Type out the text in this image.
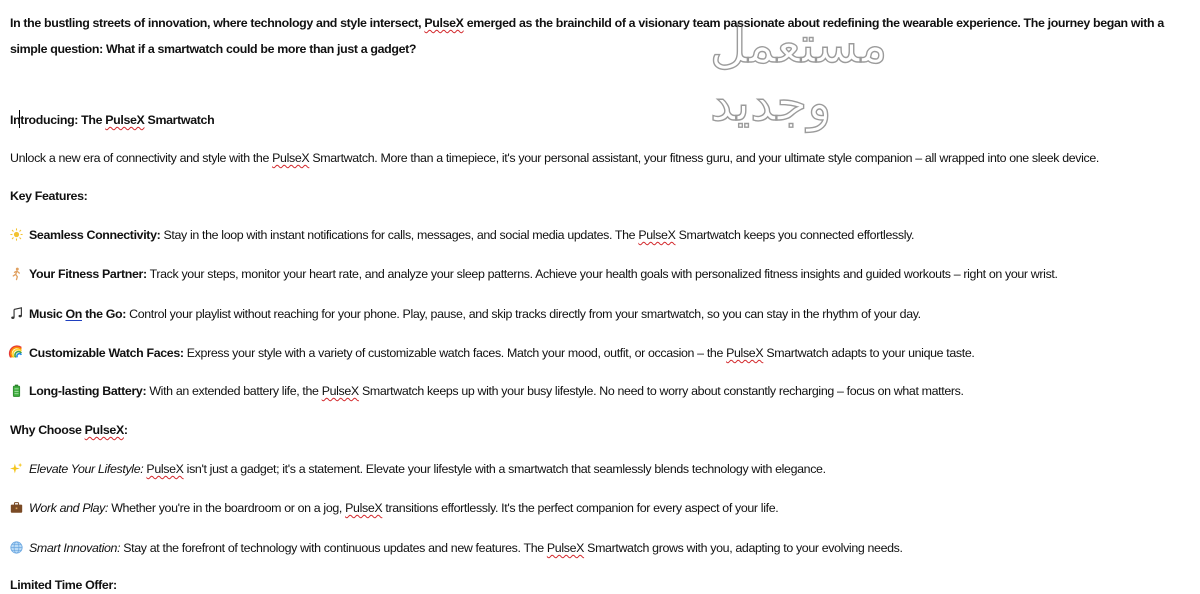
In the bustling streets of innovation, where technology and style intersect, PulseX emerged as the brainchild of a visionary team passionate about redefining the wearable experience. The journey began with a simple question: What if a smartwatch could be more than just a gadget?
Introducing: The PulseX Smartwatch
Unlock a new era of connectivity and style with the PulseX Smartwatch. More than a timepiece, it's your personal assistant, your fitness guru, and your ultimate style companion – all wrapped into one sleek device.
Key Features:
Seamless Connectivity: Stay in the loop with instant notifications for calls, messages, and social media updates. The PulseX Smartwatch keeps you connected effortlessly.
Your Fitness Partner: Track your steps, monitor your heart rate, and analyze your sleep patterns. Achieve your health goals with personalized fitness insights and guided workouts – right on your wrist.
Music On the Go: Control your playlist without reaching for your phone. Play, pause, and skip tracks directly from your smartwatch, so you can stay in the rhythm of your day.
Customizable Watch Faces: Express your style with a variety of customizable watch faces. Match your mood, outfit, or occasion – the PulseX Smartwatch adapts to your unique taste.
Long-lasting Battery: With an extended battery life, the PulseX Smartwatch keeps up with your busy lifestyle. No need to worry about constantly recharging – focus on what matters.
Why Choose PulseX:
Elevate Your Lifestyle: PulseX isn't just a gadget; it's a statement. Elevate your lifestyle with a smartwatch that seamlessly blends technology with elegance.
Work and Play: Whether you're in the boardroom or on a jog, PulseX transitions effortlessly. It's the perfect companion for every aspect of your life.
Smart Innovation: Stay at the forefront of technology with continuous updates and new features. The PulseX Smartwatch grows with you, adapting to your evolving needs.
Limited Time Offer:
مستعمل
وجديد
